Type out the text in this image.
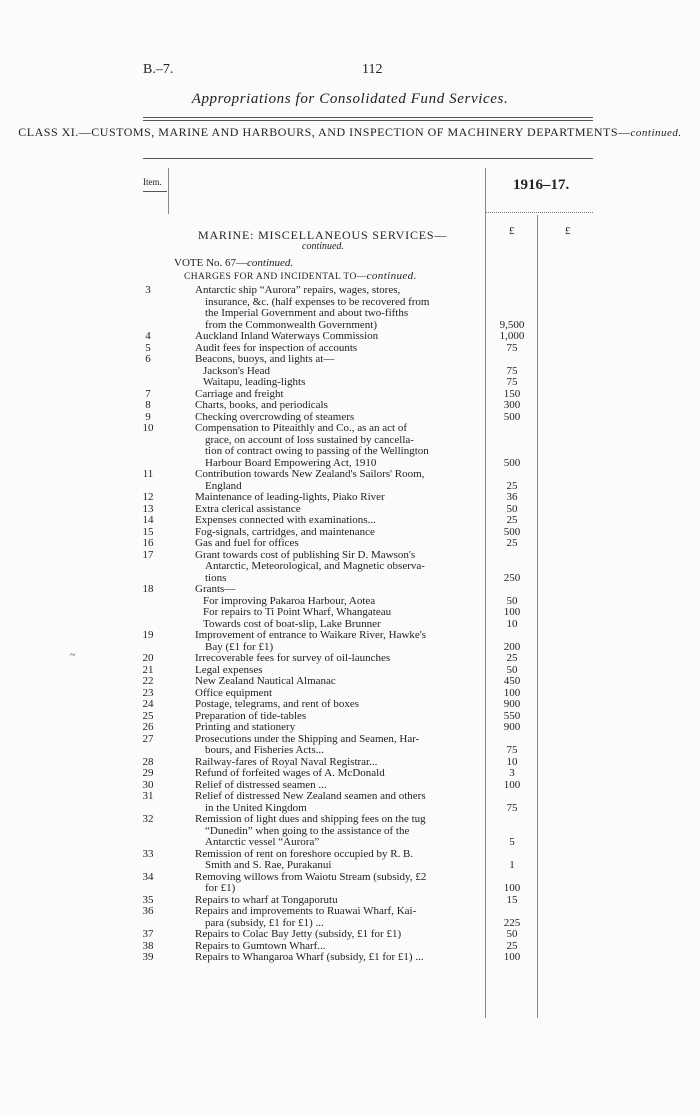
B.–7.	112
Appropriations for Consolidated Fund Services.
CLASS XI.—CUSTOMS, MARINE AND HARBOURS, AND INSPECTION OF MACHINERY DEPARTMENTS—continued.
Item.	1916–17.
MARINE: MISCELLANEOUS SERVICES—
continued.
£	£
VOTE No. 67—continued.
CHARGES FOR AND INCIDENTAL TO—continued.
3	Antarctic ship “Aurora” repairs, wages, stores,
insurance, &c. (half expenses to be recovered from
the Imperial Government and about two-fifths
from the Commonwealth Government)	9,500
4	Auckland Inland Waterways Commission	1,000
5	Audit fees for inspection of accounts	75
6	Beacons, buoys, and lights at—
Jackson's Head	75
Waitapu, leading-lights	75
7	Carriage and freight	150
8	Charts, books, and periodicals	300
9	Checking overcrowding of steamers	500
10	Compensation to Piteaithly and Co., as an act of
grace, on account of loss sustained by cancella-
tion of contract owing to passing of the Wellington
Harbour Board Empowering Act, 1910	500
11	Contribution towards New Zealand's Sailors' Room,
England	25
12	Maintenance of leading-lights, Piako River	36
13	Extra clerical assistance	50
14	Expenses connected with examinations...	25
15	Fog-signals, cartridges, and maintenance	500
16	Gas and fuel for offices	25
17	Grant towards cost of publishing Sir D. Mawson's
Antarctic, Meteorological, and Magnetic observa-
tions	250
18	Grants—
For improving Pakaroa Harbour, Aotea	50
For repairs to Ti Point Wharf, Whangateau	100
Towards cost of boat-slip, Lake Brunner	10
19	Improvement of entrance to Waikare River, Hawke's
Bay (£1 for £1)	200
20	Irrecoverable fees for survey of oil-launches	25
21	Legal expenses	50
22	New Zealand Nautical Almanac	450
23	Office equipment	100
24	Postage, telegrams, and rent of boxes	900
25	Preparation of tide-tables	550
26	Printing and stationery	900
27	Prosecutions under the Shipping and Seamen, Har-
bours, and Fisheries Acts...	75
28	Railway-fares of Royal Naval Registrar...	10
29	Refund of forfeited wages of A. McDonald	3
30	Relief of distressed seamen ...	100
31	Relief of distressed New Zealand seamen and others
in the United Kingdom	75
32	Remission of light dues and shipping fees on the tug
“Dunedin” when going to the assistance of the
Antarctic vessel “Aurora”	5
33	Remission of rent on foreshore occupied by R. B.
Smith and S. Rae, Purakanui	1
34	Removing willows from Waiotu Stream (subsidy, £2
for £1)	100
35	Repairs to wharf at Tongaporutu	15
36	Repairs and improvements to Ruawai Wharf, Kai-
para (subsidy, £1 for £1) ...	225
37	Repairs to Colac Bay Jetty (subsidy, £1 for £1)	50
38	Repairs to Gumtown Wharf...	25
39	Repairs to Whangaroa Wharf (subsidy, £1 for £1) ...	100
~
